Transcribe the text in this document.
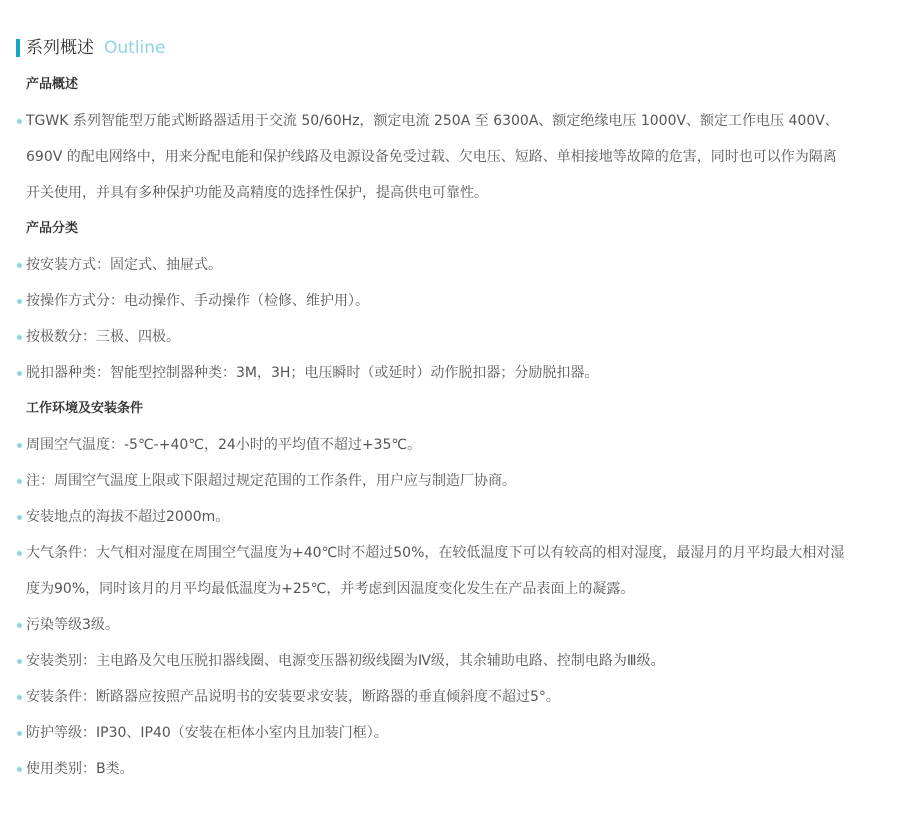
系列概述 Outline
产品概述
TGWK 系列智能型万能式断路器适用于交流 50/60Hz，额定电流 250A 至 6300A、额定绝缘电压 1000V、额定工作电压 400V、690V 的配电网络中，用来分配电能和保护线路及电源设备免受过载、欠电压、短路、单相接地等故障的危害，同时也可以作为隔离开关使用，并具有多种保护功能及高精度的选择性保护，提高供电可靠性。
产品分类
按安装方式：固定式、抽屉式。
按操作方式分：电动操作、手动操作（检修、维护用）。
按极数分：三极、四极。
脱扣器种类：智能型控制器种类：3M，3H；电压瞬时（或延时）动作脱扣器；分励脱扣器。
工作环境及安装条件
周围空气温度：-5℃-+40℃，24小时的平均值不超过+35℃。
注：周围空气温度上限或下限超过规定范围的工作条件，用户应与制造厂协商。
安装地点的海拔不超过2000m。
大气条件：大气相对湿度在周围空气温度为+40℃时不超过50%，在较低温度下可以有较高的相对湿度，最湿月的月平均最大相对湿度为90%，同时该月的月平均最低温度为+25℃，并考虑到因温度变化发生在产品表面上的凝露。
污染等级3级。
安装类别：主电路及欠电压脱扣器线圈、电源变压器初级线圈为Ⅳ级，其余辅助电路、控制电路为Ⅲ级。
安装条件：断路器应按照产品说明书的安装要求安装，断路器的垂直倾斜度不超过5°。
防护等级：IP30、IP40（安装在柜体小室内且加装门框）。
使用类别：B类。
